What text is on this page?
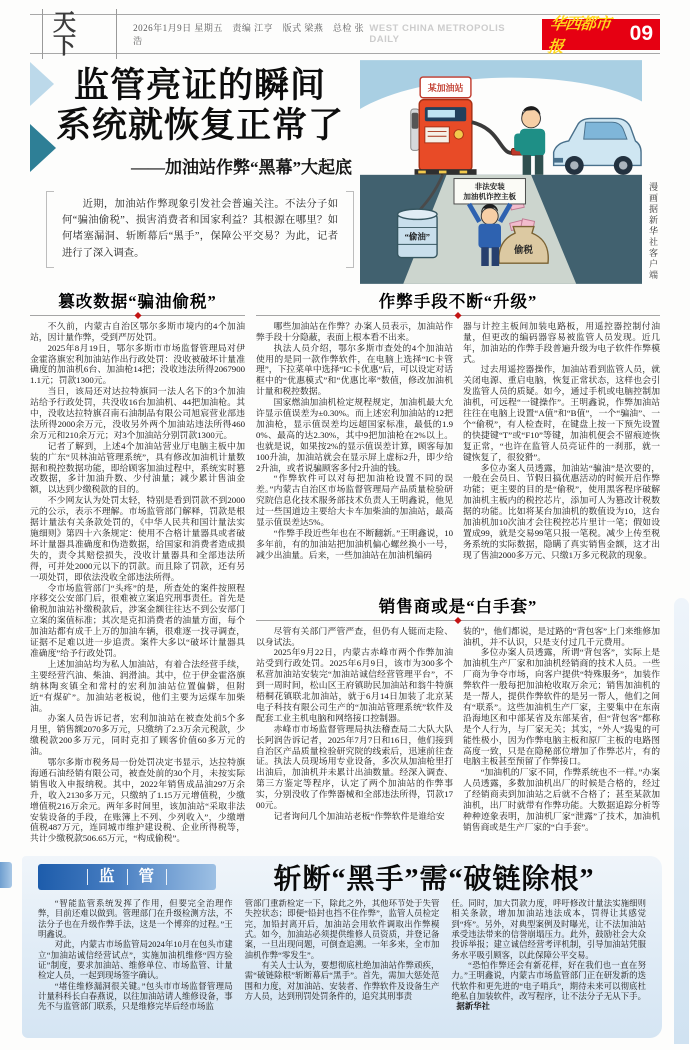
天下
2026年1月9日 星期五　责编 江亨　版式 梁燕　总检 张浩
WEST CHINA METROPOLIS DAILY
华西都市报
09
监管亮证的瞬间
系统就恢复正常了
——加油站作弊“黑幕”大起底
近期，加油站作弊现象引发社会普遍关注。不法分子如何“骗油偷税”、损害消费者和国家利益？其根源在哪里？如何堵塞漏洞、斩断幕后“黑手”，保障公平交易？为此，记者进行了深入调查。
“偷油”
偷税
非法安装
加油机诈控主板
某加油站
漫画据新华社客户端
篡改数据“骗油偷税”

不久前，内蒙古自治区鄂尔多斯市境内的4个加油站，因计量作弊，受到严厉处罚。

2025年8月19日，鄂尔多斯市市场监督管理局对伊金霍洛旗宏利加油站作出行政处罚：没收被破坏计量准确度的加油机6台、加油枪14把；没收违法所得20679001.1元；罚款1300元。

当日，该局还对达拉特旗同一法人名下的3个加油站给予行政处罚，共没收16台加油机、44把加油枪。其中，没收达拉特旗召南石油制品有限公司旭宸营业部违法所得2000余万元，没收另外两个加油站违法所得460余万元和210余万元；对3个加油站分别罚款1300元。

记者了解到，上述4个加油站营业厅电脑主板中加装的广东“贝林油站管理系统”，具有修改加油机计量数据和税控数据功能，即给顾客加油过程中，系统实时篡改数据，多计加油升数、少付油量；减少累计售油金额，以达到少缴税款的目的。

不少网友认为处罚太轻，特别是看到罚款不到2000元的公示，表示不理解。市场监管部门解释，罚款是根据计量法有关条款处罚的，《中华人民共和国计量法实施细则》第四十六条规定：使用不合格计量器具或者破坏计量器具准确度和伪造数据，给国家和消费者造成损失的，责令其赔偿损失，没收计量器具和全部违法所得，可并处2000元以下的罚款。而且除了罚款，还有另一项处罚，即依法没收全部违法所得。

令市场监管部门“头疼”的是，所查处的案件按照程序移交公安部门后，很难被立案追究刑事责任。首先是偷税加油站补缴税款后，涉案金额往往达不到公安部门立案的案值标准；其次是克扣消费者的油量方面，每个加油站都有成千上万的加油车辆，很难逐一找寻调查，证据不足难以进一步追责。案件大多以“破坏计量器具准确度”给予行政处罚。

上述加油站均为私人加油站，有着合法经营手续，主要经营汽油、柴油、润滑油。其中，位于伊金霍洛旗纳林陶亥镇全和常村的宏利加油站位置偏僻，但附近“有煤矿”。加油站老板说，他们主要为运煤车加柴油。

办案人员告诉记者，宏利加油站在被查处前5个多月里，销售额2070多万元，只缴纳了2.3万余元税款，少缴税款200多万元，同时克扣了顾客价值60多万元的油。

鄂尔多斯市税务局一份处罚决定书显示，达拉特旗海通石油经销有限公司，被查处前的30个月，未按实际销售收入申报纳税。其中，2022年销售成品油297万余升，收入2130多万元，只缴纳了1.15万元增值税，少缴增值税216万余元。两年多时间里，该加油站“采取非法安装设备的手段，在账簿上不列、少列收入”，少缴增值税487万元，连同城市维护建设税、企业所得税等，共计少缴税款506.65万元，“构成偷税”。

作弊手段不断“升级”

哪些加油站在作弊？办案人员表示，加油站作弊手段十分隐蔽，表面上根本看不出来。

执法人员介绍，鄂尔多斯市查处的4个加油站使用的是同一款作弊软件，在电脑上选择“IC卡管理”，下拉菜单中选择“IC卡优惠”后，可以设定对话框中的“优惠模式”和“优惠比率”数值，修改加油机计量和税控数据。

国家燃油加油机检定规程规定，加油机最大允许显示值误差为±0.30%。而上述宏利加油站的12把加油枪，显示值误差均远超国家标准，最低的1.90%、最高的达2.30%，其中9把加油枪在2%以上。也就是说，如果按2%的显示值误差计算，顾客每加100升油，加油站就会在显示屏上虚标2升，即少给2升油，或者说骗顾客多付2升油的钱。

“作弊软件可以对每把加油枪设置不同的误差。”内蒙古自治区市场监督管理局产品质量检验研究院信息化技术服务部技术负责人王明鑫说，他见过一些国道边主要给大卡车加柴油的加油站，最高显示值误差达5%。

“作弊手段近些年也在不断翻新。”王明鑫说，10多年前，有的加油站把加油机偏心螺丝换小一号，减少出油量。后来，一些加油站在加油机编码

器与计控主板间加装电路板，用遥控器控制付油量，但更改的编码器容易被监管人员发现。近几年，加油站的作弊手段普遍升级为电子软件作弊模式。

过去用遥控器操作，加油站看到监管人员，就关闭电源、重启电脑，恢复正常状态，这样也会引发监管人员的质疑。如今，通过手机或电脑控制加油机，可远程“一键操作”。王明鑫说，作弊加油站往往在电脑上设置“A值”和“B值”，一个“骗油”、一个“偷税”，有人检查时，在键盘上按一下预先设置的快捷键“T”或“F10”等键，加油机便会不留痕迹恢复正常，“也许在监管人员亮证件的一刹那，就一键恢复了，很狡猾”。

多位办案人员透露，加油站“骗油”是次要的，一般在会员日、节假日搞优惠活动的时候开启作弊功能；更主要的目的是“偷税”，使用黑客程序破解加油机主板内的税控芯片，添加可人为篡改计税数据的功能。比如将某台加油机的数值设为10，这台加油机加10次油才会往税控芯片里计一笔；假如设置成99，就是交易99笔只报一笔税。减少上传至税务系统的实际数据，隐瞒了真实销售金额，这才出现了售油2000多万元、只缴1万多元税款的现象。

销售商或是“白手套”

尽管有关部门严管严查，但仍有人铤而走险、以身试法。

2025年9月22日，内蒙古赤峰市两个作弊加油站受到行政处罚。2025年6月9日，该市为300多个私营加油站安装完“加油站诚信经营管理平台”，不到一周时间，松山区王府镇助民加油站和翁牛特旗梧桐花镇联北加油站，就于6月14日加装了北京某电子科技有限公司生产的“加油站管理系统”软件及配套工业主机电脑和网络接口控制器。

赤峰市市场监督管理局执法稽查局二大队大队长阿润告诉记者，2025年7月7日和16日，他们接到自治区产品质量检验研究院的线索后，迅速前往查证。执法人员现场用专业设备，多次从加油枪里打出油后，加油机并未累计出油数量。经深入调查、第三方鉴定等程序，认定了两个加油站的作弊事实，分别没收了作弊器械和全部违法所得，罚款1700元。

记者询问几个加油站老板“作弊软件是谁给安

装的”，他们都说，是过路的“背包客”上门来维修加油机，并不认识，只是支付过几千元费用。

多位办案人员透露，所谓“背包客”，实际上是加油机生产厂家和加油机经销商的技术人员。一些厂商为争夺市场，向客户提供“特殊服务”，加装作弊软件一般每把加油枪收取万余元；销售加油机的是一帮人，提供作弊软件的是另一帮人，他们之间有“联系”。这些加油机生产厂家，主要集中在东南沿海地区和中部某省及东部某省，但“背包客”都称是个人行为，与厂家无关；其实，“外人”捣鬼的可能性极小，因为作弊电脑主板和原厂主板的电路图高度一致，只是在隐秘部位增加了作弊芯片，有的电脑主板甚至预留了作弊接口。

“加油机的厂家不同，作弊系统也不一样。”办案人员透露，多数加油机出厂的时候是合格的，经过了经销商卖到加油站之后就不合格了；甚至某款加油机，出厂时就带有作弊功能。大数据追踪分析等种种迹象表明，加油机厂家“泄露”了技术，加油机销售商或是生产厂家的“白手套”。

监	管	斩断“黑手”需“破链除根”

“智能监管系统发挥了作用，但要完全治理作弊，目前还难以做到。管理部门在升级检测方法，不法分子也在升级作弊手法，这是一个博弈的过程。”王明鑫说。

对此，内蒙古市场监管局2024年10月在包头市建立“加油站诚信经营试点”，实施加油机维修“四方验证”制度，要求加油站、维修单位、市场监管、计量检定人员，一起到现场签字确认。

“堵住维修漏洞很关键。”包头市市场监督管理局计量科科长白春燕说，以往加油站请人维修设备，事先不与监管部门联系，只是维修完毕后经市场监

管部门重新检定一下，除此之外，其他环节处于失管失控状态；即便“铅封也挡不住作弊”，监管人员检定完，加铅封离开后，加油站会用软件调取出作弊模式。如今，加油站必须提供维修人员资质，并登记备案，一旦出现问题，可倒查追溯。一年多来，全市加油机作弊“零发生”。

有关人士认为，要想彻底杜绝加油站作弊顽疾，需“破链除根”斩断幕后“黑手”。首先，需加大惩处范围和力度，对加油站、安装者、作弊软件及设备生产方人员，达到刑罚处罚条件的，追究其刑事责

任。同时，加大罚款力度，呼吁修改计量法实施细则相关条款，增加加油站违法成本，罚得让其感觉到“疼”。另外，对典型案例及时曝光，让不法加油站承受违法带来的信誉崩塌压力。此外，鼓励社会大众投诉举报；建立诚信经营考评机制，引导加油站凭服务水平吸引顾客，以此保障公平交易。

“恐怕作弊还会有新花样，好在我们也一直在努力。”王明鑫说，内蒙古市场监管部门正在研发新的迭代软件和更先进的“电子哨兵”，期待未来可以彻底杜绝私自加装软件，改写程序，让不法分子无从下手。据新华社
